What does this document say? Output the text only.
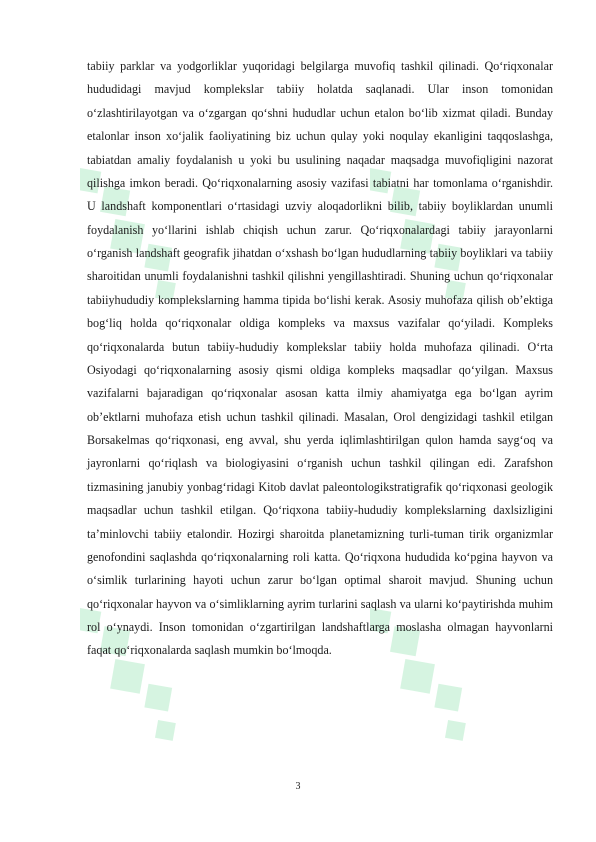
tabiiy parklar va yodgorliklar yuqoridagi belgilarga muvofiq tashkil qilinadi. Qo‘riqxonalar hududidagi mavjud komplekslar tabiiy holatda saqlanadi. Ular inson tomonidan o‘zlashtirilayotgan va o‘zgargan qo‘shni hududlar uchun etalon bo‘lib xizmat qiladi. Bunday etalonlar inson xo‘jalik faoliyatining biz uchun qulay yoki noqulay ekanligini taqqoslashga, tabiatdan amaliy foydalanish u yoki bu usulining naqadar maqsadga muvofiqligini nazorat qilishga imkon beradi. Qo‘riqxonalarning asosiy vazifasi tabiatni har tomonlama o‘rganishdir. U landshaft komponentlari o‘rtasidagi uzviy aloqadorlikni bilib, tabiiy boyliklardan unumli foydalanish yo‘llarini ishlab chiqish uchun zarur. Qo‘riqxonalardagi tabiiy jarayonlarni o‘rganish landshaft geografik jihatdan o‘xshash bo‘lgan hududlarning tabiiy boyliklari va tabiiy sharoitidan unumli foydalanishni tashkil qilishni yengillashtiradi. Shuning uchun qo‘riqxonalar tabiiyhududiy komplekslarning hamma tipida bo‘lishi kerak. Asosiy muhofaza qilish ob’ektiga bog‘liq holda qo‘riqxonalar oldiga kompleks va maxsus vazifalar qo‘yiladi. Kompleks qo‘riqxonalarda butun tabiiy-hududiy komplekslar tabiiy holda muhofaza qilinadi. O‘rta Osiyodagi qo‘riqxonalarning asosiy qismi oldiga kompleks maqsadlar qo‘yilgan. Maxsus vazifalarni bajaradigan qo‘riqxonalar asosan katta ilmiy ahamiyatga ega bo‘lgan ayrim ob’ektlarni muhofaza etish uchun tashkil qilinadi. Masalan, Orol dengizidagi tashkil etilgan Borsakelmas qo‘riqxonasi, eng avval, shu yerda iqlimlashtirilgan qulon hamda sayg‘oq va jayronlarni qo‘riqlash va biologiyasini o‘rganish uchun tashkil qilingan edi. Zarafshon tizmasining janubiy yonbag‘ridagi Kitob davlat paleontologikstratigrafik qo‘riqxonasi geologik maqsadlar uchun tashkil etilgan. Qo‘riqxona tabiiy-hududiy komplekslarning daxlsizligini ta’minlovchi tabiiy etalondir. Hozirgi sharoitda planetamizning turli-tuman tirik organizmlar genofondini saqlashda qo‘riqxonalarning roli katta. Qo‘riqxona hududida ko‘pgina hayvon va o‘simlik turlarining hayoti uchun zarur bo‘lgan optimal sharoit mavjud. Shuning uchun qo‘riqxonalar hayvon va o‘simliklarning ayrim turlarini saqlash va ularni ko‘paytirishda muhim rol o‘ynaydi. Inson tomonidan o‘zgartirilgan landshaftlarga moslasha olmagan hayvonlarni faqat qo‘riqxonalarda saqlash mumkin bo‘lmoqda.

3
